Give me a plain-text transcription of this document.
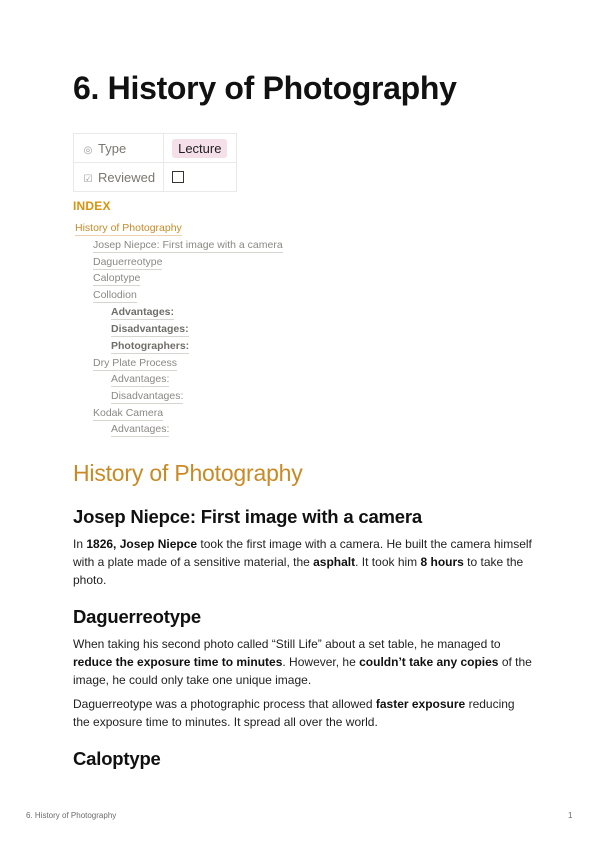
6. History of Photography
◎ Type	Lecture
☑ Reviewed	
INDEX
History of Photography
Josep Niepce: First image with a camera
Daguerreotype
Caloptype
Collodion
Advantages:
Disadvantages:
Photographers:
Dry Plate Process
Advantages:
Disadvantages:
Kodak Camera
Advantages:
History of Photography
Josep Niepce: First image with a camera

In 1826, Josep Niepce took the first image with a camera. He built the camera himself with a plate made of a sensitive material, the asphalt. It took him 8 hours to take the photo.

Daguerreotype

When taking his second photo called “Still Life” about a set table, he managed to reduce the exposure time to minutes. However, he couldn’t take any copies of the image, he could only take one unique image.

Daguerreotype was a photographic process that allowed faster exposure reducing the exposure time to minutes. It spread all over the world.

Caloptype
6. History of Photography	1
